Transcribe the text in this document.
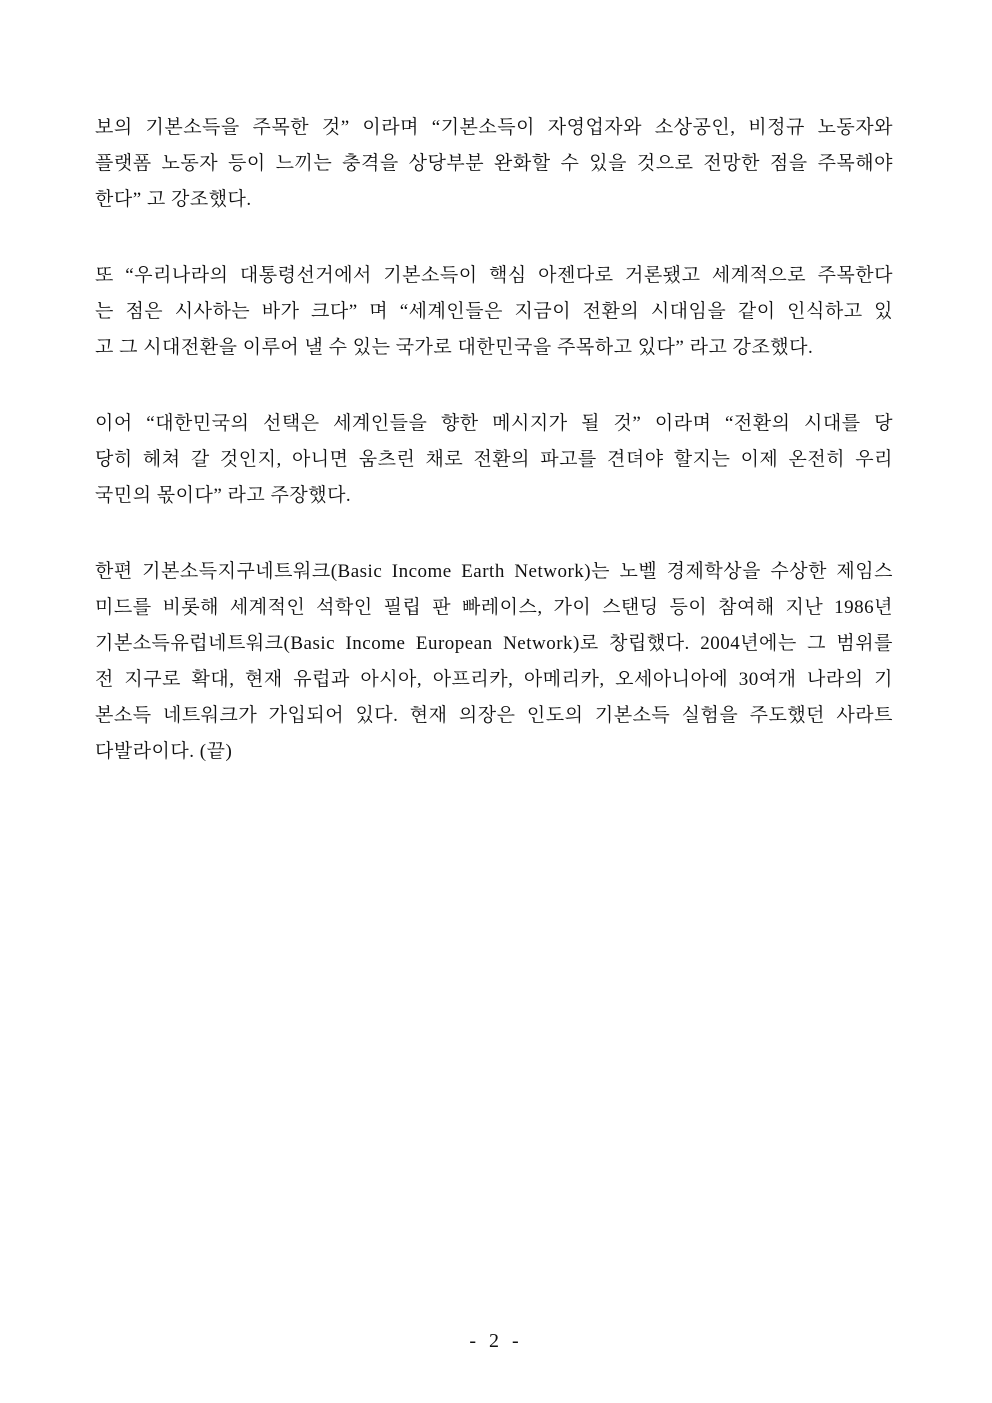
보의 기본소득을 주목한 것” 이라며 “기본소득이 자영업자와 소상공인, 비정규 노동자와
플랫폼 노동자 등이 느끼는 충격을 상당부분 완화할 수 있을 것으로 전망한 점을 주목해야
한다” 고 강조했다.
또 “우리나라의 대통령선거에서 기본소득이 핵심 아젠다로 거론됐고 세계적으로 주목한다
는 점은 시사하는 바가 크다” 며 “세계인들은 지금이 전환의 시대임을 같이 인식하고 있
고 그 시대전환을 이루어 낼 수 있는 국가로 대한민국을 주목하고 있다” 라고 강조했다.
이어 “대한민국의 선택은 세계인들을 향한 메시지가 될 것” 이라며 “전환의 시대를 당
당히 헤쳐 갈 것인지, 아니면 움츠린 채로 전환의 파고를 견뎌야 할지는 이제 온전히 우리
국민의 몫이다” 라고 주장했다.
한편 기본소득지구네트워크(Basic Income Earth Network)는 노벨 경제학상을 수상한 제임스
미드를 비롯해 세계적인 석학인 필립 판 빠레이스, 가이 스탠딩 등이 참여해 지난 1986년
기본소득유럽네트워크(Basic Income European Network)로 창립했다. 2004년에는 그 범위를
전 지구로 확대, 현재 유럽과 아시아, 아프리카, 아메리카, 오세아니아에 30여개 나라의 기
본소득 네트워크가 가입되어 있다. 현재 의장은 인도의 기본소득 실험을 주도했던 사라트
다발라이다. (끝)
- 2 -
